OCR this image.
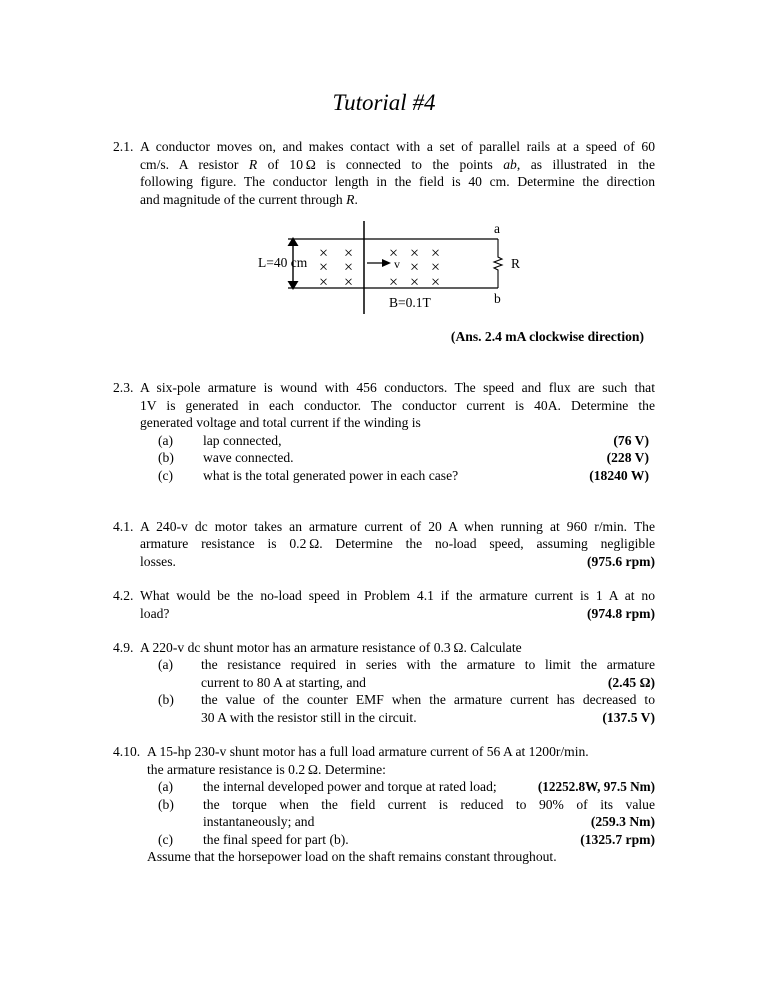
Tutorial #4
2.1. A conductor moves on, and makes contact with a set of parallel rails at a speed of 60
cm/s. A resistor R of 10 Ω is connected to the points ab, as illustrated in the
following figure. The conductor length in the field is 40 cm. Determine the direction
and magnitude of the current through R.
L=40 cm	v	R
a
b
B=0.1T
× ×
× ×
× ×
× × ×
× ×
× × ×
(Ans. 2.4 mA clockwise direction)
2.3. A six-pole armature is wound with 456 conductors. The speed and flux are such that
1V is generated in each conductor. The conductor current is 40A. Determine the
generated voltage and total current if the winding is
(a) lap connected,	(76 V)
(b) wave connected.	(228 V)
(c) what is the total generated power in each case?	(18240 W)
4.1. A 240-v dc motor takes an armature current of 20 A when running at 960 r/min. The
armature resistance is 0.2 Ω. Determine the no-load speed, assuming negligible
losses.	(975.6 rpm)
4.2. What would be the no-load speed in Problem 4.1 if the armature current is 1 A at no
load?	(974.8 rpm)
4.9. A 220-v dc shunt motor has an armature resistance of 0.3 Ω. Calculate
(a) the resistance required in series with the armature to limit the armature
current to 80 A at starting, and	(2.45 Ω)
(b) the value of the counter EMF when the armature current has decreased to
30 A with the resistor still in the circuit.	(137.5 V)
4.10. A 15-hp 230-v shunt motor has a full load armature current of 56 A at 1200r/min.
the armature resistance is 0.2 Ω. Determine:
(a) the internal developed power and torque at rated load;	(12252.8W, 97.5 Nm)
(b) the torque when the field current is reduced to 90% of its value
instantaneously; and	(259.3 Nm)
(c) the final speed for part (b).	(1325.7 rpm)
Assume that the horsepower load on the shaft remains constant throughout.
